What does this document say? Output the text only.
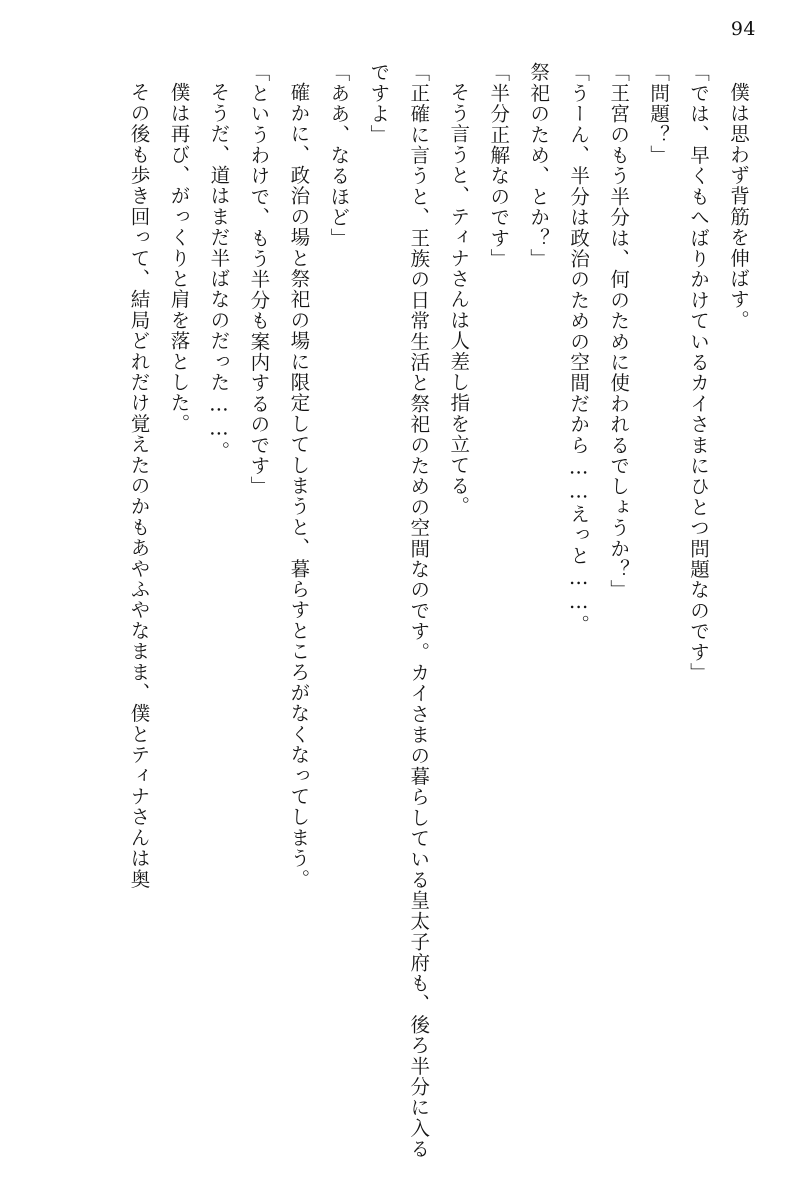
94

僕は思わず背筋を伸ばす。

「では、早くもへばりかけているカイさまにひとつ問題なのです」

「問題？」

「王宮のもう半分は、何のために使われるでしょうか？」

「うーん、半分は政治のための空間だから……えっと……。

祭祀のため、とか？」

「半分正解なのです」

そう言うと、ティナさんは人差し指を立てる。

「正確に言うと、王族の日常生活と祭祀のための空間なのです。カイさまの暮らしている皇太子府も、後ろ半分に入るですよ」

「ああ、なるほど」

確かに、政治の場と祭祀の場に限定してしまうと、暮らすところがなくなってしまう。

「というわけで、もう半分も案内するのです」

そうだ、道はまだ半ばなのだった……。

僕は再び、がっくりと肩を落とした。

その後も歩き回って、結局どれだけ覚えたのかもあやふやなまま、僕とティナさんは奥
